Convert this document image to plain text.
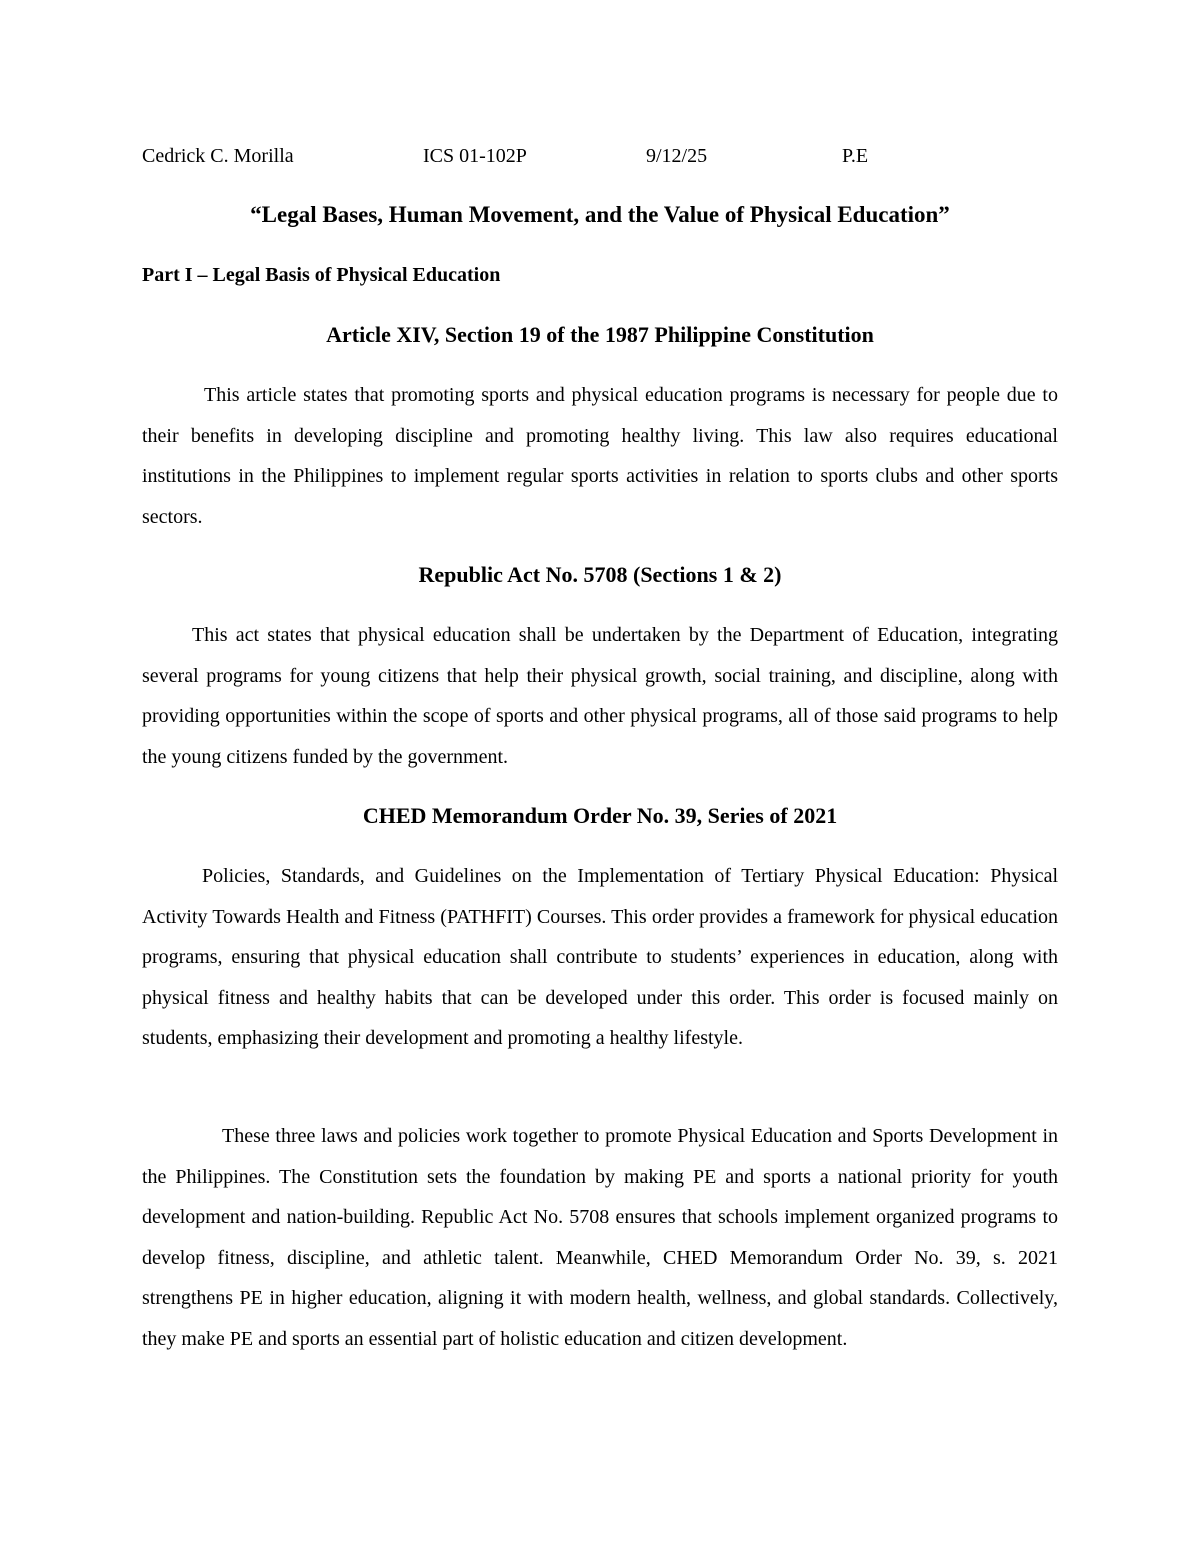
Cedrick C. Morilla	ICS 01-102P	9/12/25	P.E
“Legal Bases, Human Movement, and the Value of Physical Education”
Part I – Legal Basis of Physical Education
Article XIV, Section 19 of the 1987 Philippine Constitution
This article states that promoting sports and physical education programs is necessary for people due to their benefits in developing discipline and promoting healthy living. This law also requires educational institutions in the Philippines to implement regular sports activities in relation to sports clubs and other sports sectors.
Republic Act No. 5708 (Sections 1 & 2)
This act states that physical education shall be undertaken by the Department of Education, integrating several programs for young citizens that help their physical growth, social training, and discipline, along with providing opportunities within the scope of sports and other physical programs, all of those said programs to help the young citizens funded by the government.
CHED Memorandum Order No. 39, Series of 2021
Policies, Standards, and Guidelines on the Implementation of Tertiary Physical Education: Physical Activity Towards Health and Fitness (PATHFIT) Courses. This order provides a framework for physical education programs, ensuring that physical education shall contribute to students’ experiences in education, along with physical fitness and healthy habits that can be developed under this order. This order is focused mainly on students, emphasizing their development and promoting a healthy lifestyle.
These three laws and policies work together to promote Physical Education and Sports Development in the Philippines. The Constitution sets the foundation by making PE and sports a national priority for youth development and nation-building. Republic Act No. 5708 ensures that schools implement organized programs to develop fitness, discipline, and athletic talent. Meanwhile, CHED Memorandum Order No. 39, s. 2021 strengthens PE in higher education, aligning it with modern health, wellness, and global standards. Collectively, they make PE and sports an essential part of holistic education and citizen development.
